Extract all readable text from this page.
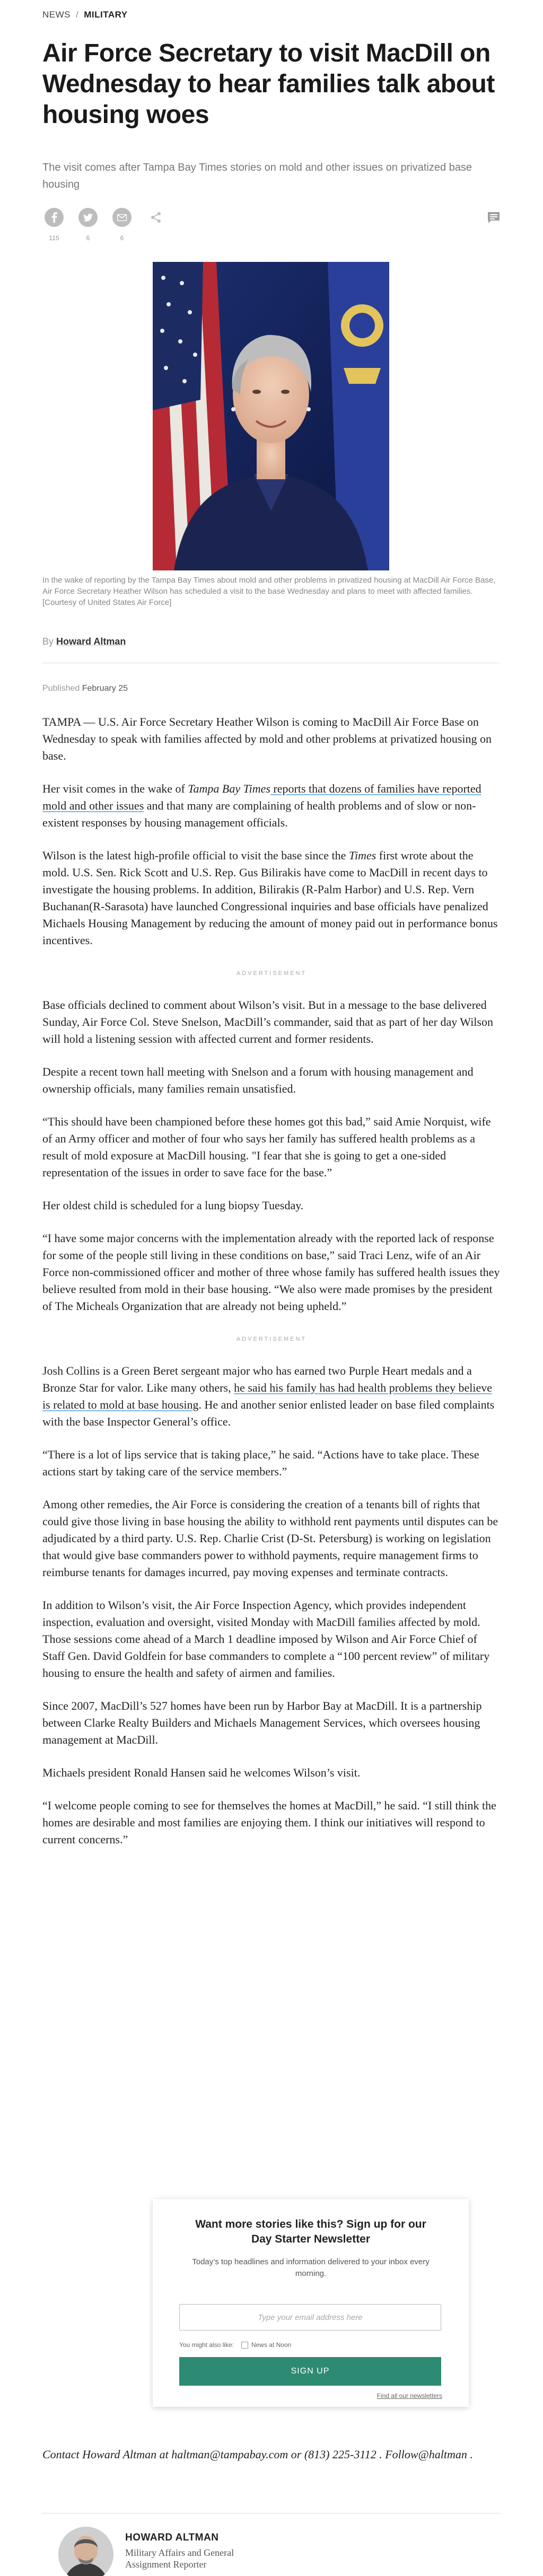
NEWS / MILITARY
Air Force Secretary to visit MacDill on Wednesday to hear families talk about housing woes
The visit comes after Tampa Bay Times stories on mold and other issues on privatized base housing
115	6	6
In the wake of reporting by the Tampa Bay Times about mold and other problems in privatized housing at MacDill Air Force Base, Air Force Secretary Heather Wilson has scheduled a visit to the base Wednesday and plans to meet with affected families. [Courtesy of United States Air Force]
By Howard Altman
Published February 25

TAMPA — U.S. Air Force Secretary Heather Wilson is coming to MacDill Air Force Base on Wednesday to speak with families affected by mold and other problems at privatized housing on base.

Her visit comes in the wake of Tampa Bay Times reports that dozens of families have reported mold and other issues and that many are complaining of health problems and of slow or non-existent responses by housing management officials.

Wilson is the latest high-profile official to visit the base since the Times first wrote about the mold. U.S. Sen. Rick Scott and U.S. Rep. Gus Bilirakis have come to MacDill in recent days to investigate the housing problems. In addition, Bilirakis (R-Palm Harbor) and U.S. Rep. Vern Buchanan(R-Sarasota) have launched Congressional inquiries and base officials have penalized Michaels Housing Management by reducing the amount of money paid out in performance bonus incentives.

ADVERTISEMENT

Base officials declined to comment about Wilson’s visit. But in a message to the base delivered Sunday, Air Force Col. Steve Snelson, MacDill’s commander, said that as part of her day Wilson will hold a listening session with affected current and former residents.

Despite a recent town hall meeting with Snelson and a forum with housing management and ownership officials, many families remain unsatisfied.

“This should have been championed before these homes got this bad,” said Amie Norquist, wife of an Army officer and mother of four who says her family has suffered health problems as a result of mold exposure at MacDill housing. "I fear that she is going to get a one-sided representation of the issues in order to save face for the base.”

Her oldest child is scheduled for a lung biopsy Tuesday.

“I have some major concerns with the implementation already with the reported lack of response for some of the people still living in these conditions on base,” said Traci Lenz, wife of an Air Force non-commissioned officer and mother of three whose family has suffered health issues they believe resulted from mold in their base housing. “We also were made promises by the president of The Micheals Organization that are already not being upheld.”

ADVERTISEMENT

Josh Collins is a Green Beret sergeant major who has earned two Purple Heart medals and a Bronze Star for valor. Like many others, he said his family has had health problems they believe is related to mold at base housing. He and another senior enlisted leader on base filed complaints with the base Inspector General’s office.

“There is a lot of lips service that is taking place,” he said. “Actions have to take place. These actions start by taking care of the service members.”

Among other remedies, the Air Force is considering the creation of a tenants bill of rights that could give those living in base housing the ability to withhold rent payments until disputes can be adjudicated by a third party. U.S. Rep. Charlie Crist (D-St. Petersburg) is working on legislation that would give base commanders power to withhold payments, require management firms to reimburse tenants for damages incurred, pay moving expenses and terminate contracts.

In addition to Wilson’s visit, the Air Force Inspection Agency, which provides independent inspection, evaluation and oversight, visited Monday with MacDill families affected by mold. Those sessions come ahead of a March 1 deadline imposed by Wilson and Air Force Chief of Staff Gen. David Goldfein for base commanders to complete a “100 percent review” of military housing to ensure the health and safety of airmen and families.

Since 2007, MacDill’s 527 homes have been run by Harbor Bay at MacDill. It is a partnership between Clarke Realty Builders and Michaels Management Services, which oversees housing management at MacDill.

Michaels president Ronald Hansen said he welcomes Wilson’s visit.

“I welcome people coming to see for themselves the homes at MacDill,” he said. “I still think the homes are desirable and most families are enjoying them. I think our initiatives will respond to current concerns.”

Want more stories like this? Sign up for our Day Starter Newsletter
Today’s top headlines and information delivered to your inbox every morning.
Type your email address here
You might also like:	News at Noon
SIGN UP
Find all our newsletters
Contact Howard Altman at haltman@tampabay.com or (813) 225-3112 . Follow@haltman .
HOWARD ALTMAN
Military Affairs and General Assignment Reporter
